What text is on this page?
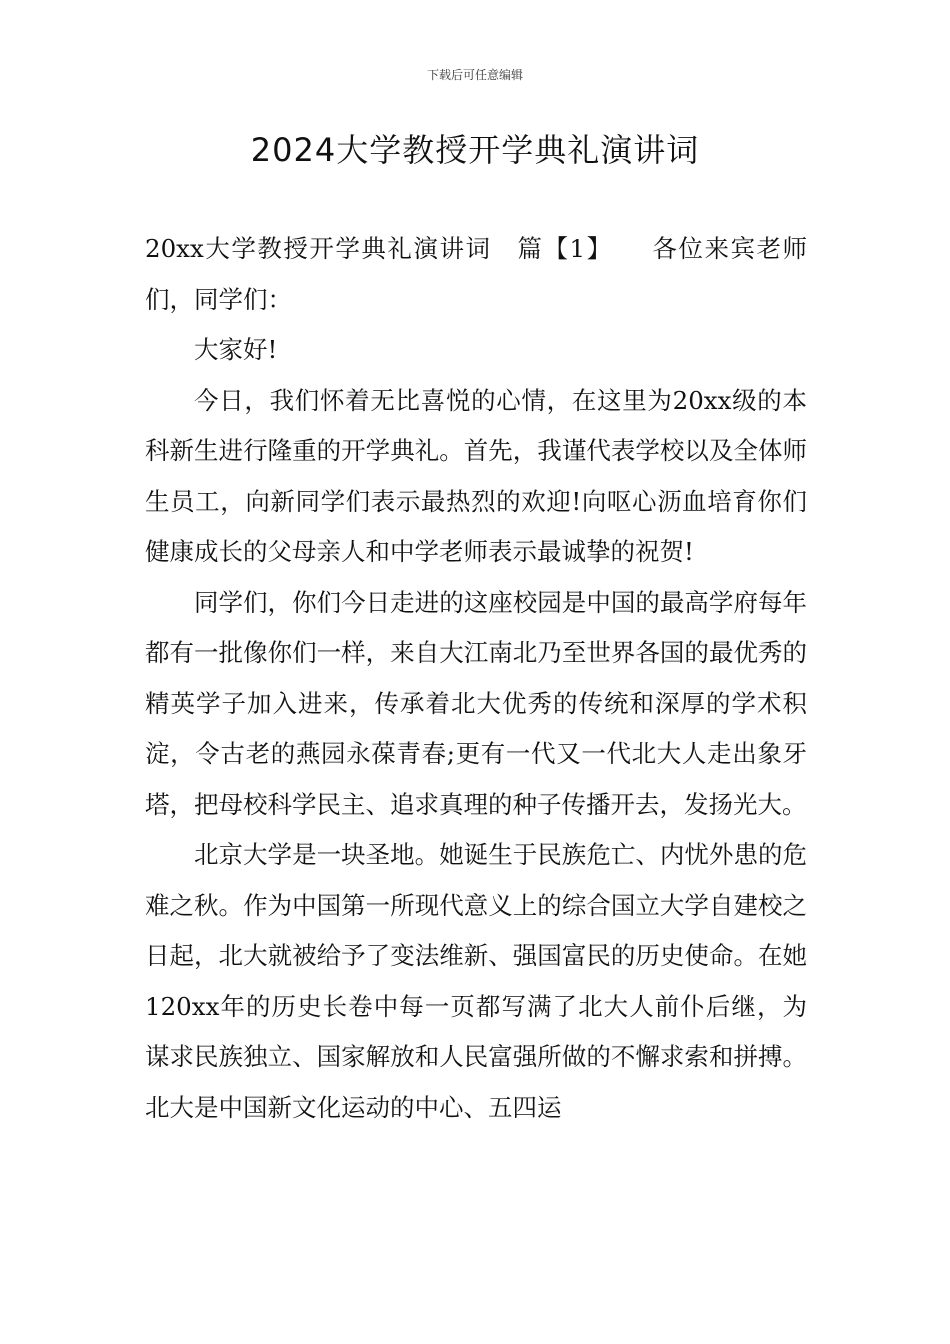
下载后可任意编辑
2024大学教授开学典礼演讲词

20xx大学教授开学典礼演讲词　篇【1】　　各位来宾老师们，同学们：

大家好!

今日，我们怀着无比喜悦的心情，在这里为20xx级的本科新生进行隆重的开学典礼。首先，我谨代表学校以及全体师生员工，向新同学们表示最热烈的欢迎!向呕心沥血培育你们健康成长的父母亲人和中学老师表示最诚挚的祝贺!

同学们，你们今日走进的这座校园是中国的最高学府每年都有一批像你们一样，来自大江南北乃至世界各国的最优秀的精英学子加入进来，传承着北大优秀的传统和深厚的学术积淀，令古老的燕园永葆青春;更有一代又一代北大人走出象牙塔，把母校科学民主、追求真理的种子传播开去，发扬光大。

北京大学是一块圣地。她诞生于民族危亡、内忧外患的危难之秋。作为中国第一所现代意义上的综合国立大学自建校之日起，北大就被给予了变法维新、强国富民的历史使命。在她120xx年的历史长卷中每一页都写满了北大人前仆后继，为谋求民族独立、国家解放和人民富强所做的不懈求索和拼搏。北大是中国新文化运动的中心、五四运
